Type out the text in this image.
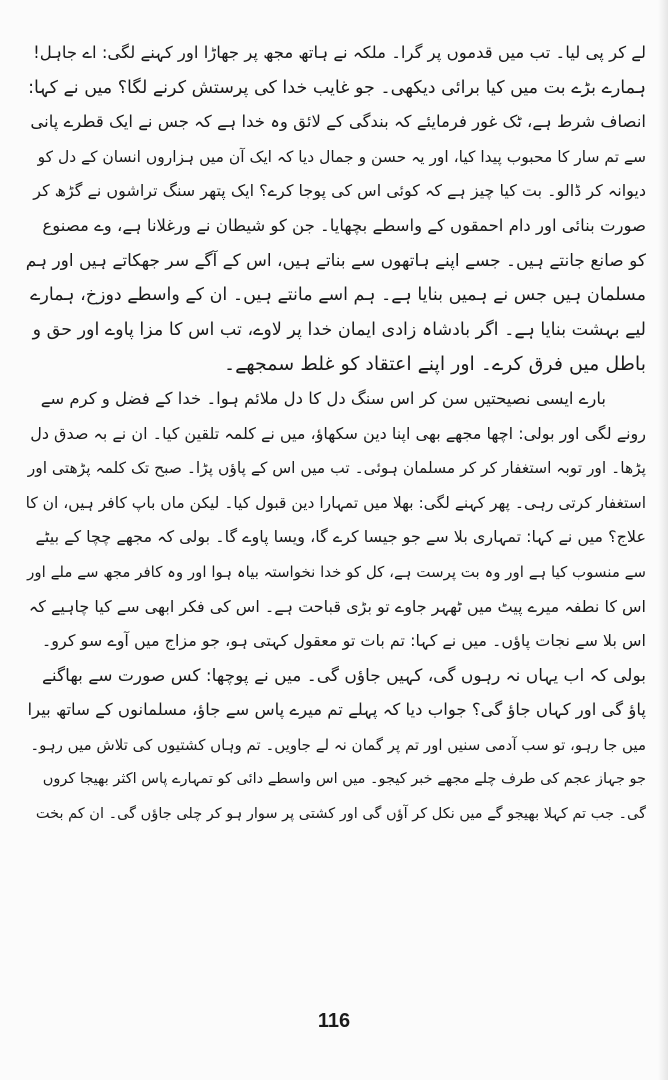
لے کر پی لیا۔ تب میں قدموں پر گرا۔ ملکہ نے ہاتھ مجھ پر جھاڑا اور کہنے لگی: اے جاہل!
ہمارے بڑے بت میں کیا برائی دیکھی۔ جو غایب خدا کی پرستش کرنے لگا؟ میں نے کہا:
انصاف شرط ہے، ٹک غور فرمایئے کہ بندگی کے لائق وہ خدا ہے کہ جس نے ایک قطرے پانی
سے تم سار کا محبوب پیدا کیا، اور یہ حسن و جمال دیا کہ ایک آن میں ہزاروں انسان کے دل کو
دیوانہ کر ڈالو۔ بت کیا چیز ہے کہ کوئی اس کی پوجا کرے؟ ایک پتھر سنگ تراشوں نے گڑھ کر
صورت بنائی اور دام احمقوں کے واسطے بچھایا۔ جن کو شیطان نے ورغلانا ہے، وے مصنوع
کو صانع جانتے ہیں۔ جسے اپنے ہاتھوں سے بناتے ہیں، اس کے آگے سر جھکاتے ہیں اور ہم
مسلمان ہیں جس نے ہمیں بنایا ہے۔ ہم اسے مانتے ہیں۔ ان کے واسطے دوزخ، ہمارے
لیے بہشت بنایا ہے۔ اگر بادشاہ زادی ایمان خدا پر لاوے، تب اس کا مزا پاوے اور حق و
باطل میں فرق کرے۔ اور اپنے اعتقاد کو غلط سمجھے۔
بارے ایسی نصیحتیں سن کر اس سنگ دل کا دل ملائم ہوا۔ خدا کے فضل و کرم سے
رونے لگی اور بولی: اچھا مجھے بھی اپنا دین سکھاؤ، میں نے کلمہ تلقین کیا۔ ان نے بہ صدق دل
پڑھا۔ اور توبہ استغفار کر کر مسلمان ہوئی۔ تب میں اس کے پاؤں پڑا۔ صبح تک کلمہ پڑھتی اور
استغفار کرتی رہی۔ پھر کہنے لگی: بھلا میں تمہارا دین قبول کیا۔ لیکن ماں باپ کافر ہیں، ان کا
علاج؟ میں نے کہا: تمہاری بلا سے جو جیسا کرے گا، ویسا پاوے گا۔ بولی کہ مجھے چچا کے بیٹے
سے منسوب کیا ہے اور وہ بت پرست ہے، کل کو خدا نخواستہ بیاہ ہوا اور وہ کافر مجھ سے ملے اور
اس کا نطفہ میرے پیٹ میں ٹھہر جاوے تو بڑی قباحت ہے۔ اس کی فکر ابھی سے کیا چاہیے کہ
اس بلا سے نجات پاؤں۔ میں نے کہا: تم بات تو معقول کہتی ہو، جو مزاج میں آوے سو کرو۔
بولی کہ اب یہاں نہ رہوں گی، کہیں جاؤں گی۔ میں نے پوچھا: کس صورت سے بھاگنے
پاؤ گی اور کہاں جاؤ گی؟ جواب دیا کہ پہلے تم میرے پاس سے جاؤ، مسلمانوں کے ساتھ بیرا
میں جا رہو، تو سب آدمی سنیں اور تم پر گمان نہ لے جاویں۔ تم وہاں کشتیوں کی تلاش میں رہو۔
جو جہاز عجم کی طرف چلے مجھے خبر کیجو۔ میں اس واسطے دائی کو تمہارے پاس اکثر بھیجا کروں
گی۔ جب تم کہلا بھیجو گے میں نکل کر آؤں گی اور کشتی پر سوار ہو کر چلی جاؤں گی۔ ان کم بخت
116
